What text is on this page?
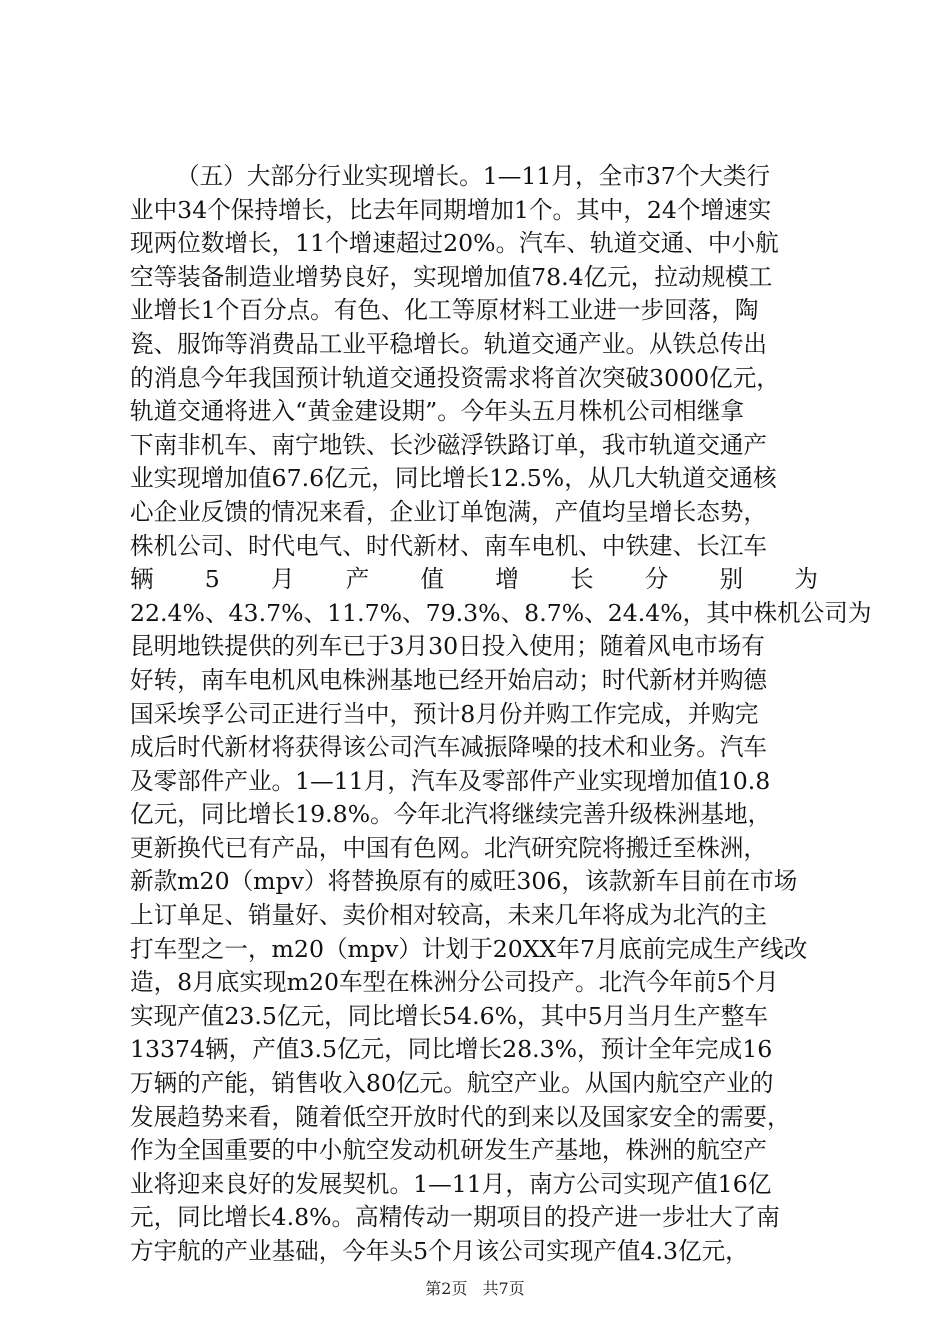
（五）大部分行业实现增长。1—11月，全市37个大类行
业中34个保持增长，比去年同期增加1个。其中，24个增速实
现两位数增长，11个增速超过20%。汽车、轨道交通、中小航
空等装备制造业增势良好，实现增加值78.4亿元，拉动规模工
业增长1个百分点。有色、化工等原材料工业进一步回落，陶
瓷、服饰等消费品工业平稳增长。轨道交通产业。从铁总传出
的消息今年我国预计轨道交通投资需求将首次突破3000亿元，
轨道交通将进入“黄金建设期”。今年头五月株机公司相继拿
下南非机车、南宁地铁、长沙磁浮铁路订单，我市轨道交通产
业实现增加值67.6亿元，同比增长12.5%，从几大轨道交通核
心企业反馈的情况来看，企业订单饱满，产值均呈增长态势，
株机公司、时代电气、时代新材、南车电机、中铁建、长江车
辆 5 月 产 值 增 长 分 别 为
22.4%、43.7%、11.7%、79.3%、8.7%、24.4%，其中株机公司为
昆明地铁提供的列车已于3月30日投入使用；随着风电市场有
好转，南车电机风电株洲基地已经开始启动；时代新材并购德
国采埃孚公司正进行当中，预计8月份并购工作完成，并购完
成后时代新材将获得该公司汽车减振降噪的技术和业务。汽车
及零部件产业。1—11月，汽车及零部件产业实现增加值10.8
亿元，同比增长19.8%。今年北汽将继续完善升级株洲基地，
更新换代已有产品，中国有色网。北汽研究院将搬迁至株洲，
新款m20（mpv）将替换原有的威旺306，该款新车目前在市场
上订单足、销量好、卖价相对较高，未来几年将成为北汽的主
打车型之一，m20（mpv）计划于20XX年7月底前完成生产线改
造，8月底实现m20车型在株洲分公司投产。北汽今年前5个月
实现产值23.5亿元，同比增长54.6%，其中5月当月生产整车
13374辆，产值3.5亿元，同比增长28.3%，预计全年完成16
万辆的产能，销售收入80亿元。航空产业。从国内航空产业的
发展趋势来看，随着低空开放时代的到来以及国家安全的需要，
作为全国重要的中小航空发动机研发生产基地，株洲的航空产
业将迎来良好的发展契机。1—11月，南方公司实现产值16亿
元，同比增长4.8%。高精传动一期项目的投产进一步壮大了南
方宇航的产业基础，今年头5个月该公司实现产值4.3亿元，
第2页 共7页
